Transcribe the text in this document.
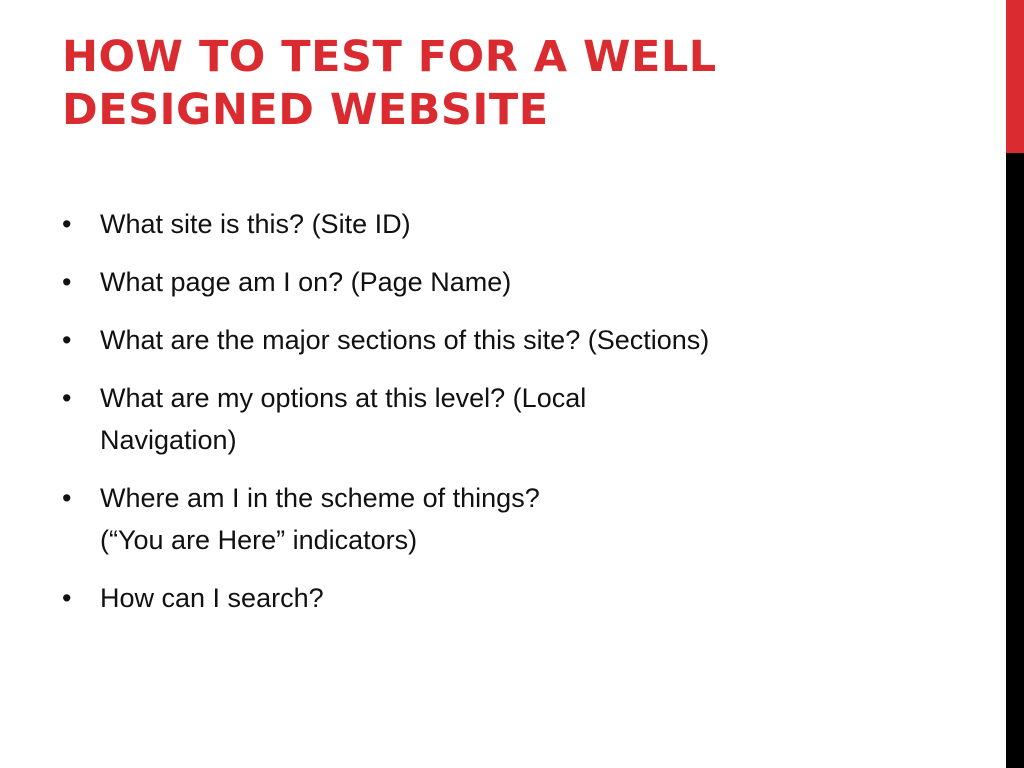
HOW TO TEST FOR A WELL
DESIGNED WEBSITE
• What site is this? (Site ID)
• What page am I on? (Page Name)
• What are the major sections of this site? (Sections)
• What are my options at this level? (Local
Navigation)
• Where am I in the scheme of things?
(“You are Here” indicators)
• How can I search?
